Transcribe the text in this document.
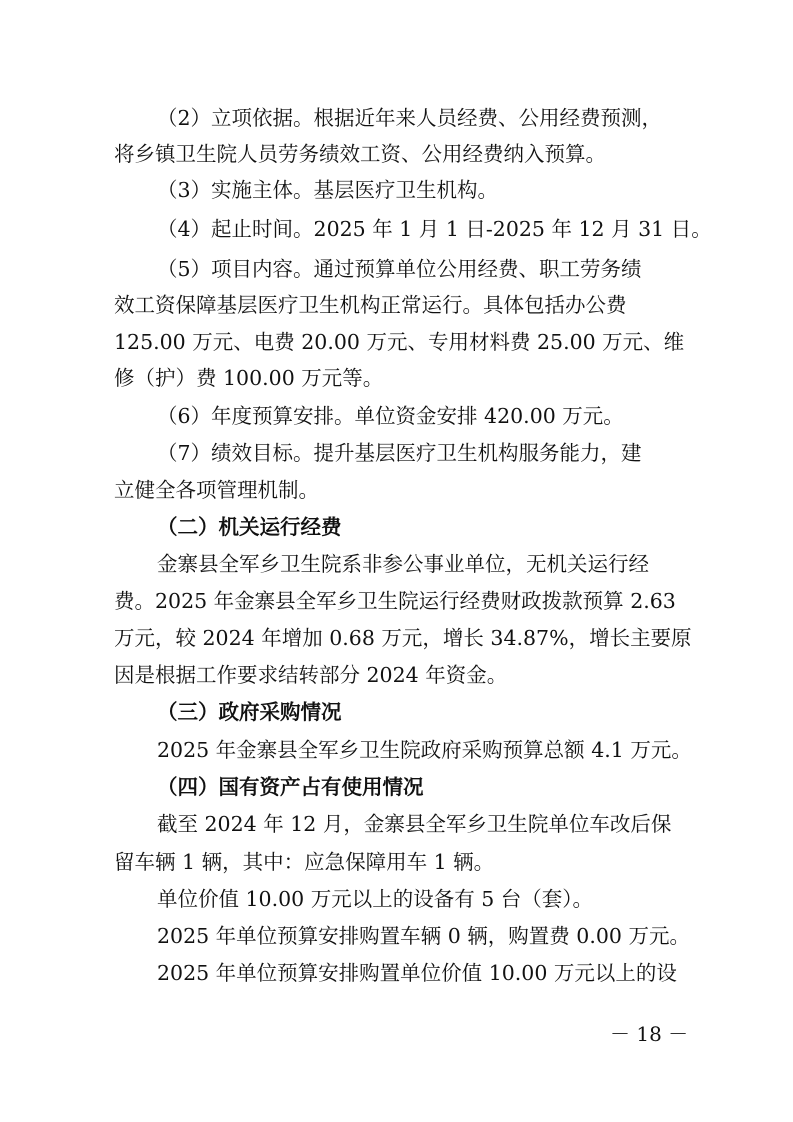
（2）立项依据。根据近年来人员经费、公用经费预测，
将乡镇卫生院人员劳务绩效工资、公用经费纳入预算。
（3）实施主体。基层医疗卫生机构。
（4）起止时间。2025 年 1 月 1 日-2025 年 12 月 31 日。
（5）项目内容。通过预算单位公用经费、职工劳务绩
效工资保障基层医疗卫生机构正常运行。具体包括办公费
125.00 万元、电费 20.00 万元、专用材料费 25.00 万元、维
修（护）费 100.00 万元等。
（6）年度预算安排。单位资金安排 420.00 万元。
（7）绩效目标。提升基层医疗卫生机构服务能力，建
立健全各项管理机制。
（二）机关运行经费
金寨县全军乡卫生院系非参公事业单位，无机关运行经
费。2025 年金寨县全军乡卫生院运行经费财政拨款预算 2.63
万元，较 2024 年增加 0.68 万元，增长 34.87%，增长主要原
因是根据工作要求结转部分 2024 年资金。
（三）政府采购情况
2025 年金寨县全军乡卫生院政府采购预算总额 4.1 万元。
（四）国有资产占有使用情况
截至 2024 年 12 月，金寨县全军乡卫生院单位车改后保
留车辆 1 辆，其中：应急保障用车 1 辆。
单位价值 10.00 万元以上的设备有 5 台（套）。
2025 年单位预算安排购置车辆 0 辆，购置费 0.00 万元。
2025 年单位预算安排购置单位价值 10.00 万元以上的设
－ 18 －
